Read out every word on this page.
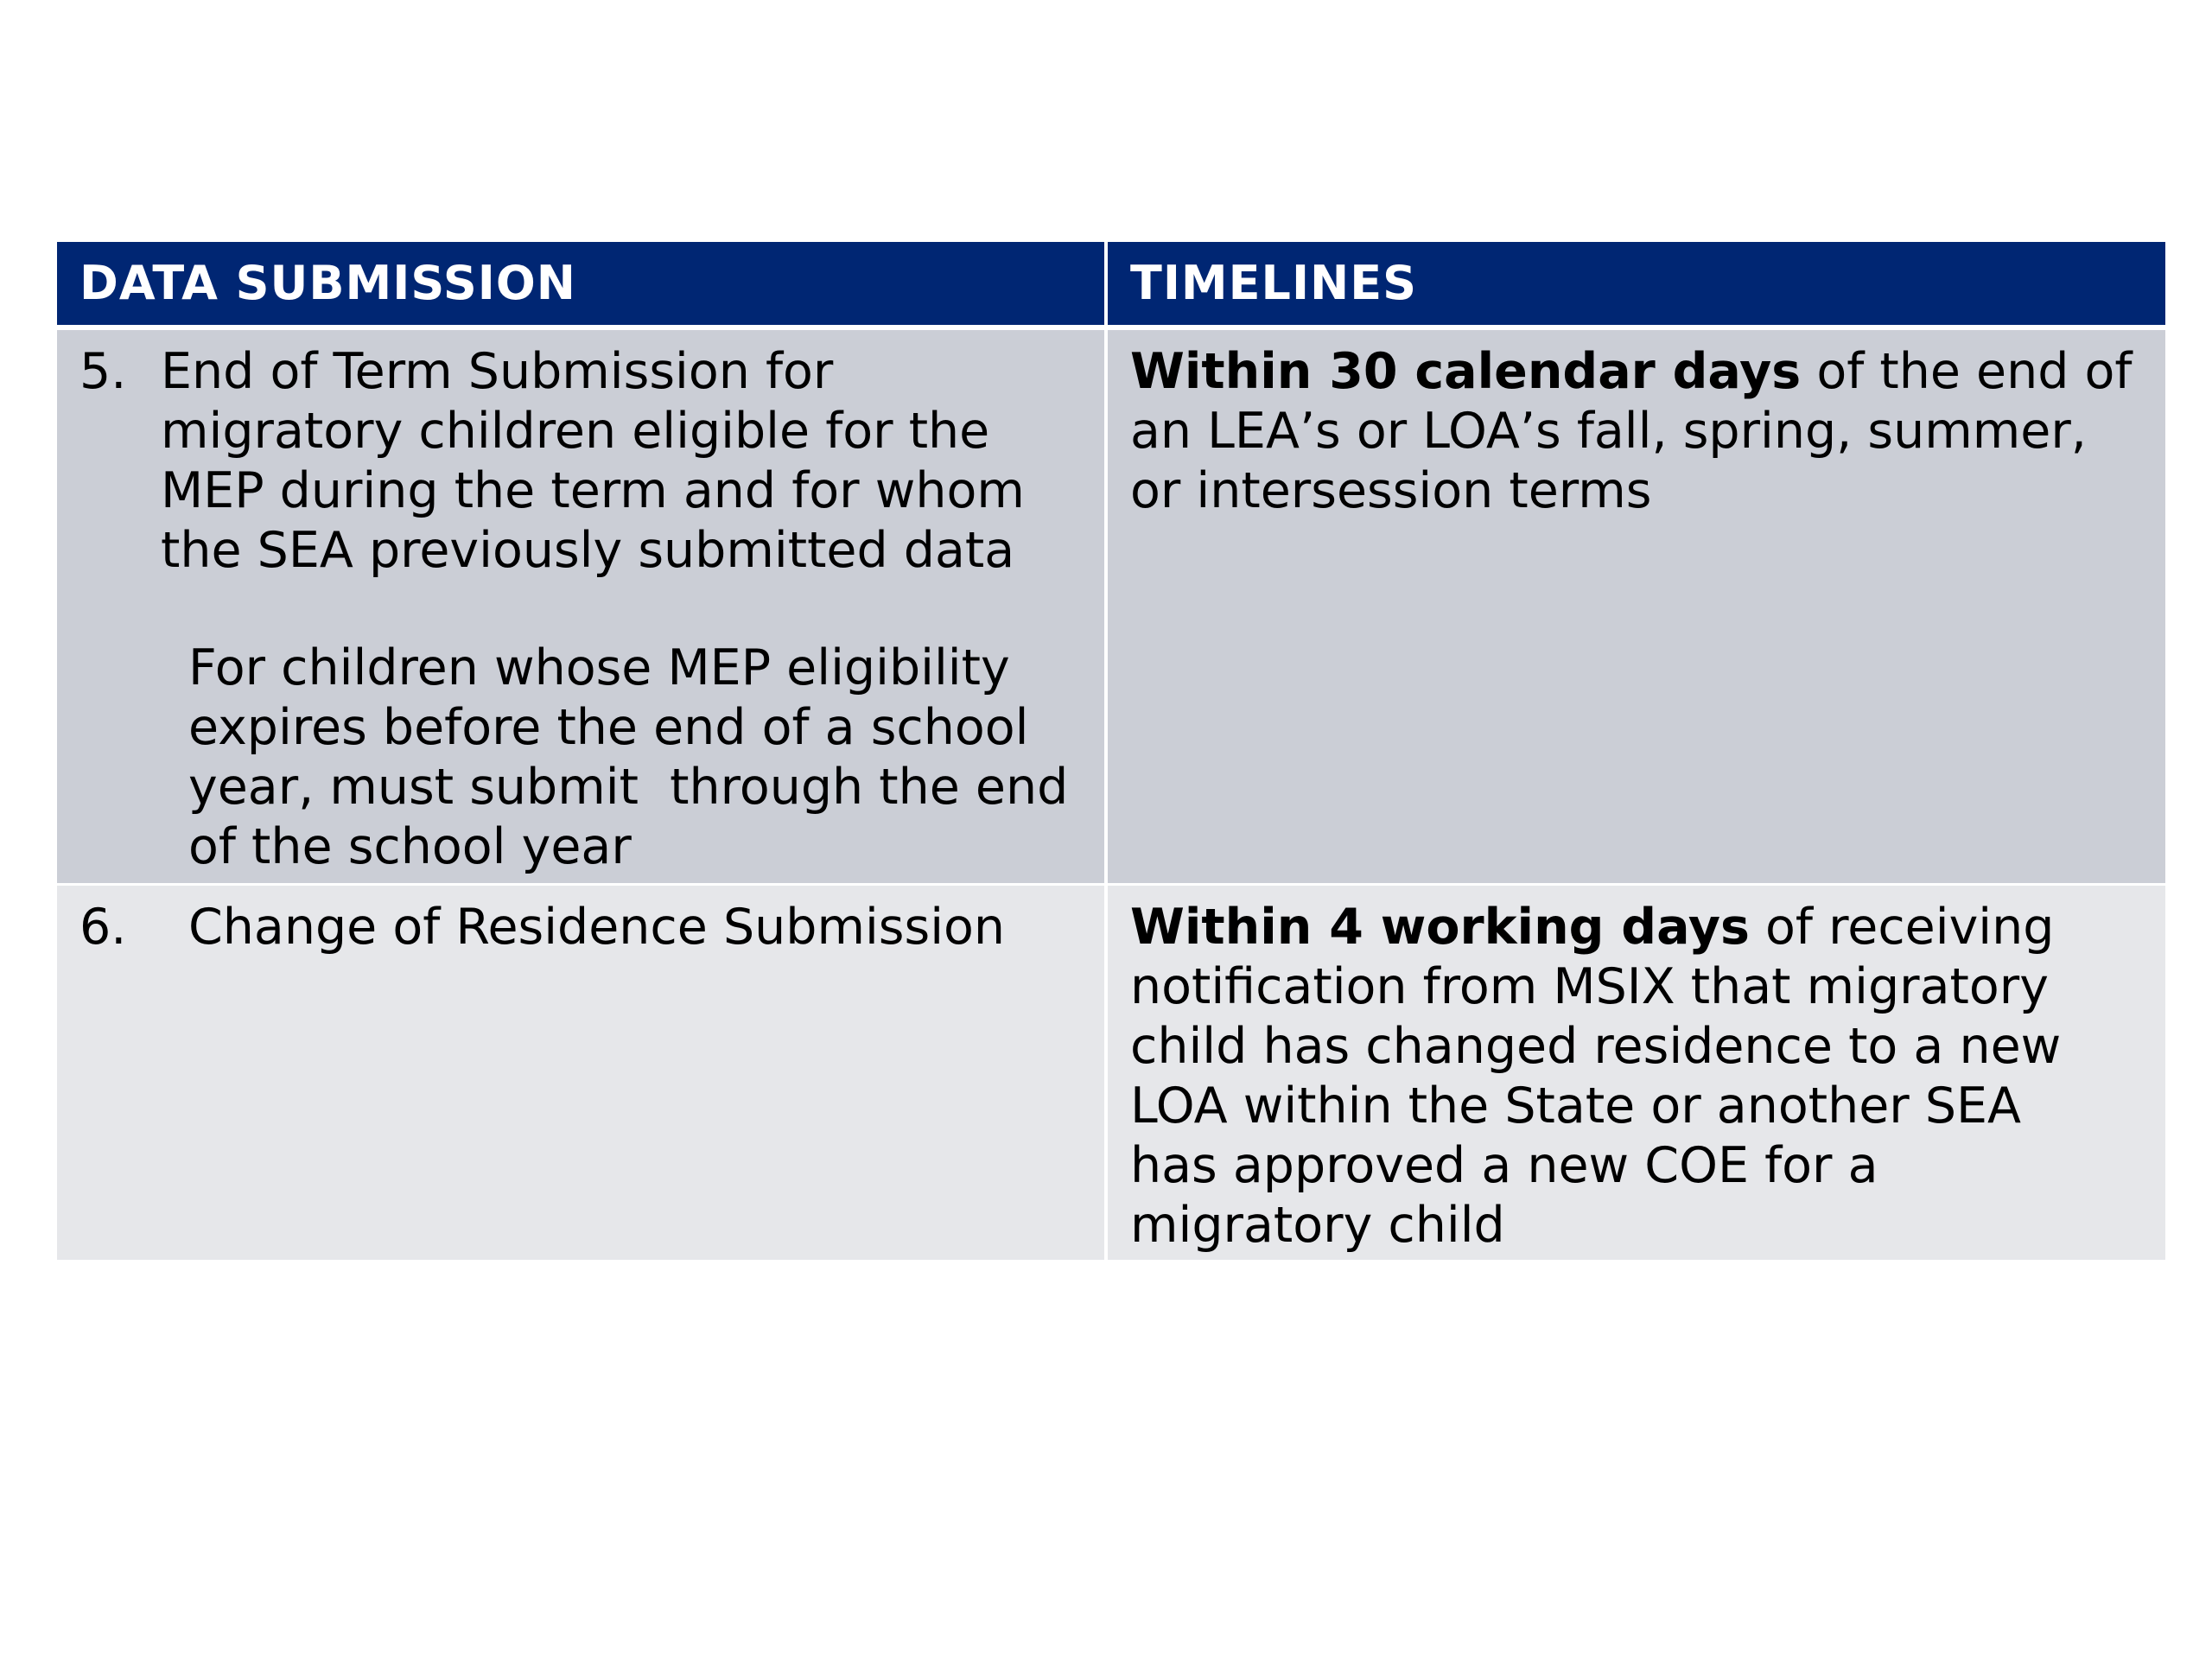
DATA SUBMISSION	TIMELINES
5. End of Term Submission for
migratory children eligible for the
MEP during the term and for whom
the SEA previously submitted data
For children whose MEP eligibility
expires before the end of a school
year, must submit  through the end
of the school year
Within 30 calendar days of the end of
an LEA’s or LOA’s fall, spring, summer,
or intersession terms
6. Change of Residence Submission	Within 4 working days of receiving
notification from MSIX that migratory
child has changed residence to a new
LOA within the State or another SEA
has approved a new COE for a
migratory child
